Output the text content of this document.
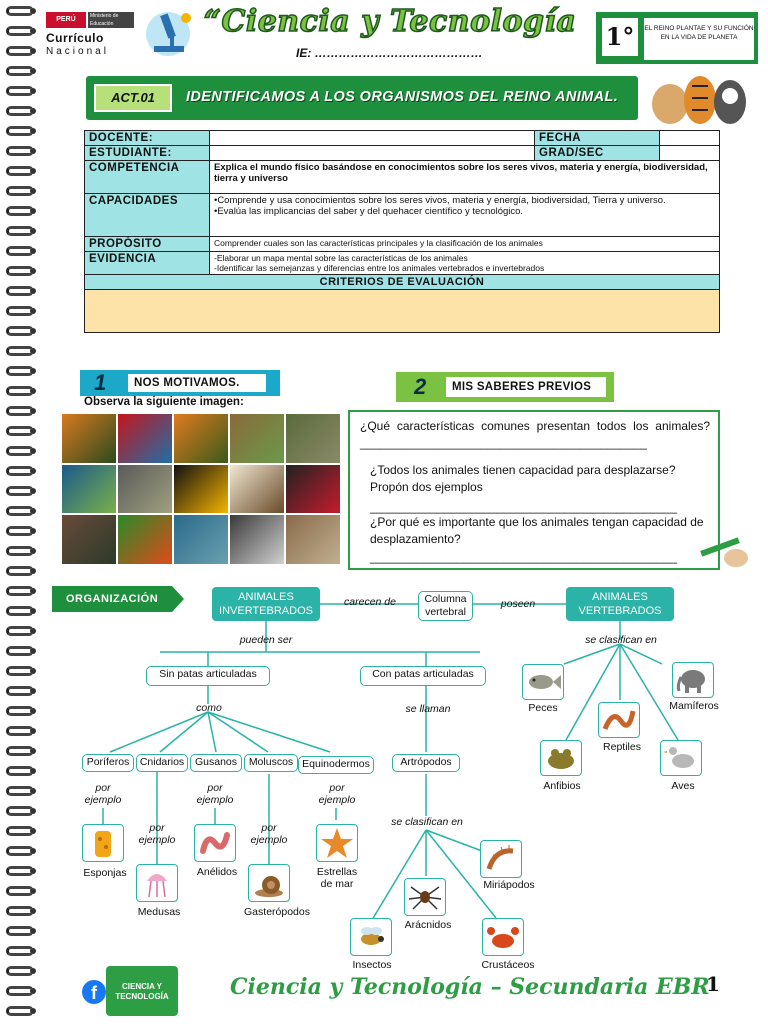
PERÚ	Ministerio de Educación
Currículo
Nacional
“Ciencia y Tecnología
IE: ……………………………………
1°	EL REINO PLANTAE Y SU FUNCIÓN EN LA VIDA DE PLANETA
ACT.01	IDENTIFICAMOS A LOS ORGANISMOS DEL REINO ANIMAL.
DOCENTE:		FECHA	
ESTUDIANTE:		GRAD/SEC	
COMPETENCIA	Explica el mundo físico basándose en conocimientos sobre los seres vivos, materia y energía, biodiversidad, tierra y universo		
CAPACIDADES	•Comprende y usa conocimientos sobre los seres vivos, materia y energía, biodiversidad, Tierra y universo.
•Evalúa las implicancias del saber y del quehacer científico y tecnológico.		

PROPÓSITO	Comprender cuales son las características principales y la clasificación de los animales		
EVIDENCIA	-Elaborar un mapa mental sobre las características de los animales
-Identificar las semejanzas y diferencias entre los animales vertebrados e invertebrados		

CRITERIOS DE EVALUACIÓN			

1	NOS MOTIVAMOS.
Observa la siguiente imagen:
2	MIS SABERES PREVIOS
¿Qué características comunes presentan todos los animales?___________________________________________
¿Todos los animales tienen capacidad para desplazarse? Propón dos ejemplos
______________________________________________
¿Por qué es importante que los animales tengan capacidad de desplazamiento?
______________________________________________
ORGANIZACIÓN	ANIMALES INVERTEBRADOS
carecen de	Columna vertebral
poseen
ANIMALES VERTEBRADOS
pueden ser
Sin patas articuladas	Con patas articuladas
como	se llaman
Poríferos	Cnidarios	Gusanos	Moluscos Equinodermos	Artrópodos
por ejemplo
por ejemplo
por ejemplo
por ejemplo
por ejemplo
se clasifican en
se clasifican en
Esponjas
Medusas
Anélidos
Gasterópodos
Estrellas de mar
Insectos
Arácnidos
Miriápodos
Crustáceos
Peces
Anfibios
Reptiles
Aves
Mamíferos
f	CIENCIA Y TECNOLOGÍA	Ciencia y Tecnología – Secundaria EBR
1
